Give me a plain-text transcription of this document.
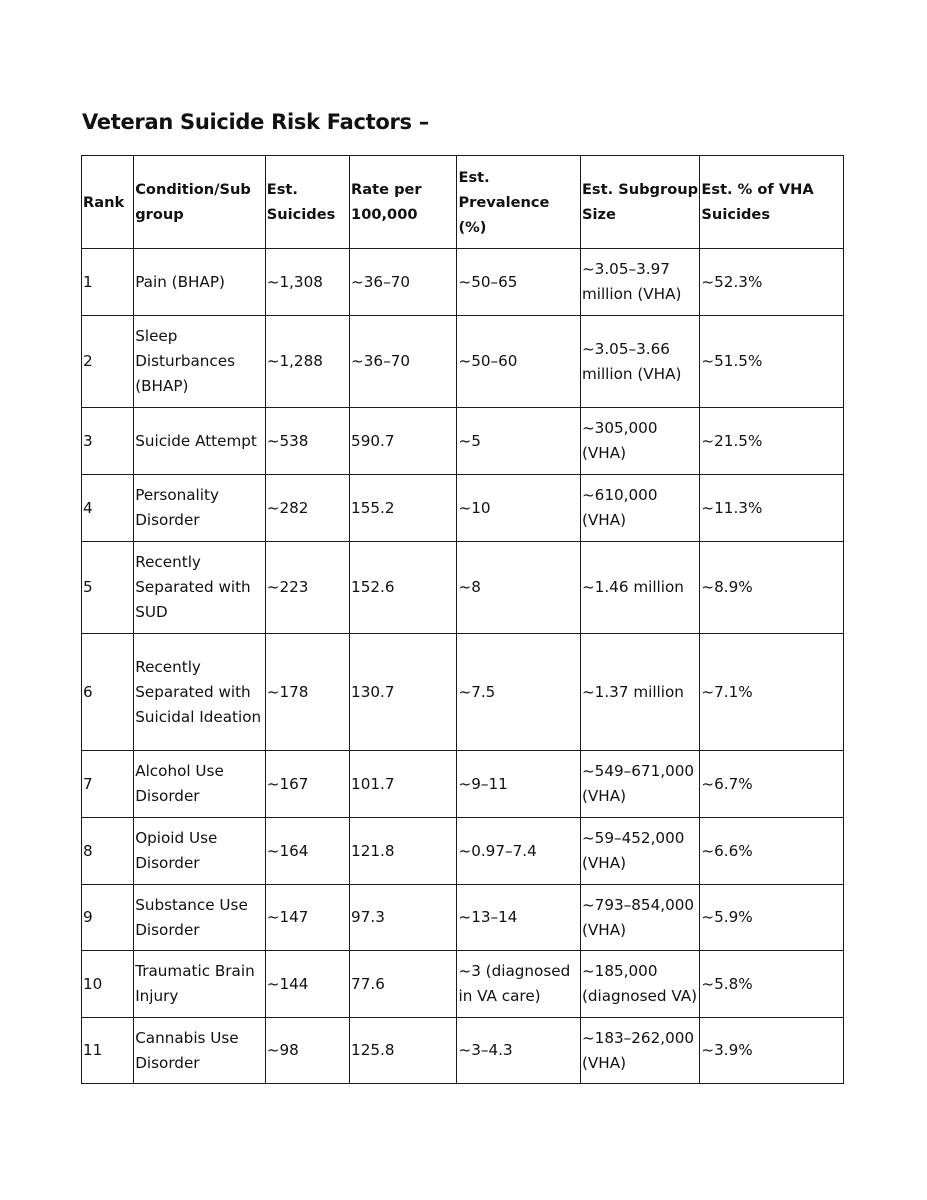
Veteran Suicide Risk Factors –
Rank	Condition/Sub group	Est. Suicides	Rate per 100,000	Est. Prevalence (%)	Est. Subgroup Size	Est. % of VHA Suicides
1	Pain (BHAP)	~1,308	~36–70	~50–65	~3.05–3.97 million (VHA)	~52.3%
2	Sleep Disturbances (BHAP)	~1,288	~36–70	~50–60	~3.05–3.66 million (VHA)	~51.5%
3	Suicide Attempt	~538	590.7	~5	~305,000 (VHA)	~21.5%
4	Personality Disorder	~282	155.2	~10	~610,000 (VHA)	~11.3%
5	Recently Separated with SUD	~223	152.6	~8	~1.46 million	~8.9%
6	Recently Separated with Suicidal Ideation	~178	130.7	~7.5	~1.37 million	~7.1%
7	Alcohol Use Disorder	~167	101.7	~9–11	~549–671,000 (VHA)	~6.7%
8	Opioid Use Disorder	~164	121.8	~0.97–7.4	~59–452,000 (VHA)	~6.6%
9	Substance Use Disorder	~147	97.3	~13–14	~793–854,000 (VHA)	~5.9%
10	Traumatic Brain Injury	~144	77.6	~3 (diagnosed in VA care)	~185,000 (diagnosed VA)	~5.8%
11	Cannabis Use Disorder	~98	125.8	~3–4.3	~183–262,000 (VHA)	~3.9%
